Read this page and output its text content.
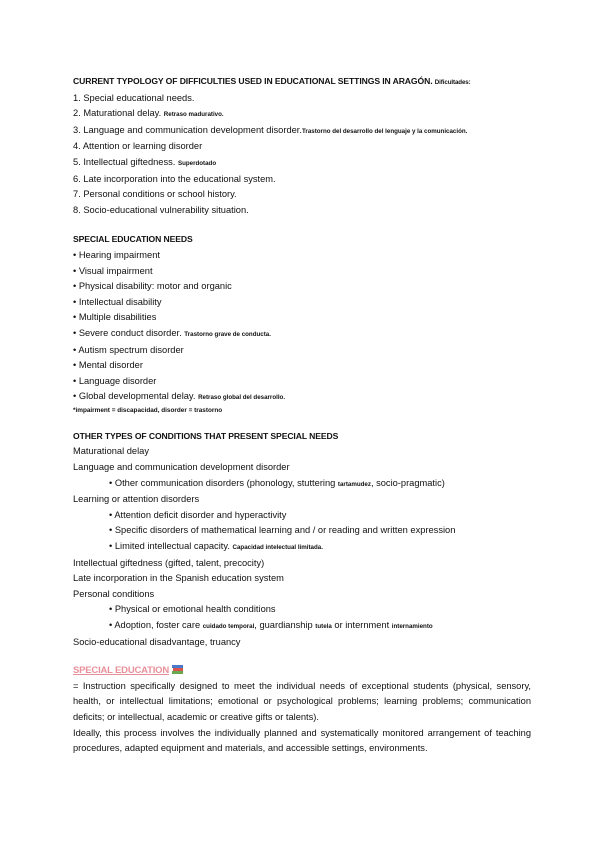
CURRENT TYPOLOGY OF DIFFICULTIES USED IN EDUCATIONAL SETTINGS IN ARAGÓN. Dificultades:
1. Special educational needs.
2. Maturational delay. Retraso madurativo.
3. Language and communication development disorder.Trastorno del desarrollo del lenguaje y la comunicación.
4. Attention or learning disorder
5. Intellectual giftedness. Superdotado
6. Late incorporation into the educational system.
7. Personal conditions or school history.
8. Socio-educational vulnerability situation.
SPECIAL EDUCATION NEEDS
• Hearing impairment
• Visual impairment
• Physical disability: motor and organic
• Intellectual disability
• Multiple disabilities
• Severe conduct disorder. Trastorno grave de conducta.
• Autism spectrum disorder
• Mental disorder
• Language disorder
• Global developmental delay. Retraso global del desarrollo.
*impairment = discapacidad, disorder = trastorno
OTHER TYPES OF CONDITIONS THAT PRESENT SPECIAL NEEDS
Maturational delay
Language and communication development disorder
• Other communication disorders (phonology, stuttering tartamudez, socio-pragmatic)
Learning or attention disorders
• Attention deficit disorder and hyperactivity
• Specific disorders of mathematical learning and / or reading and written expression
• Limited intellectual capacity. Capacidad intelectual limitada.
Intellectual giftedness (gifted, talent, precocity)
Late incorporation in the Spanish education system
Personal conditions
• Physical or emotional health conditions
• Adoption, foster care cuidado temporal, guardianship tutela or internment internamiento
Socio-educational disadvantage, truancy
SPECIAL EDUCATION
= Instruction specifically designed to meet the individual needs of exceptional students (physical, sensory, health, or intellectual limitations; emotional or psychological problems; learning problems; communication deficits; or intellectual, academic or creative gifts or talents).
Ideally, this process involves the individually planned and systematically monitored arrangement of teaching procedures, adapted equipment and materials, and accessible settings, environments.
